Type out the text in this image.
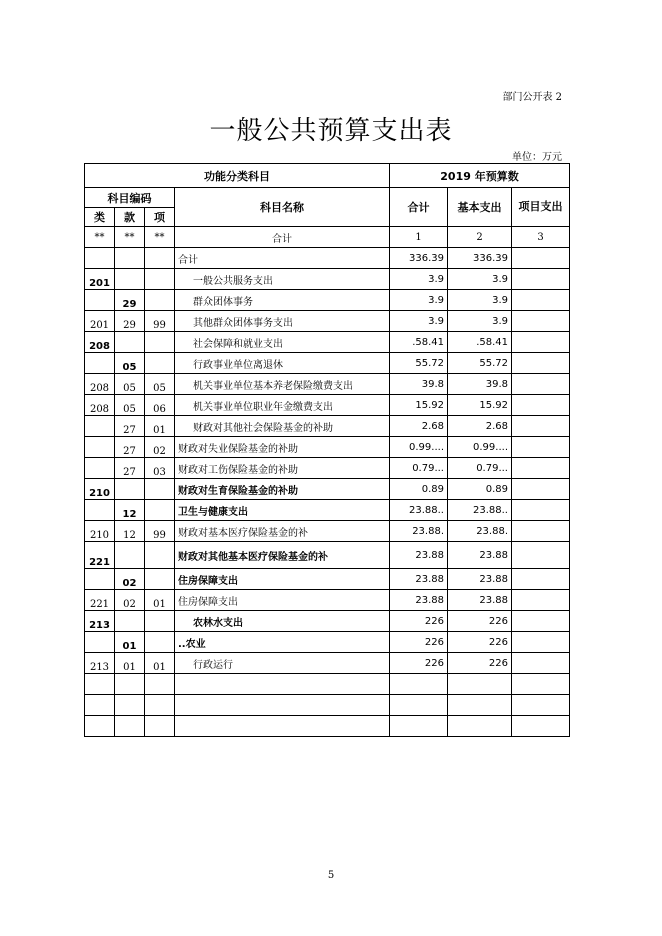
部门公开表 2
一般公共预算支出表
单位：万元
功能分类科目				2019 年预算数		
科目编码			科目名称	合计	基本支出	项目支出
类	款	项				
**	**	**	合计	1	2	3
			合计	336.39	336.39	
201			一般公共服务支出	3.9	3.9	
	29		群众团体事务	3.9	3.9	
201	29	99	其他群众团体事务支出	3.9	3.9	
208			社会保障和就业支出	.58.41	.58.41	
	05		行政事业单位离退休	55.72	55.72	
208	05	05	机关事业单位基本养老保险缴费支出	39.8	39.8	
208	05	06	机关事业单位职业年金缴费支出	15.92	15.92	
	27	01	财政对其他社会保险基金的补助	2.68	2.68	
	27	02	财政对失业保险基金的补助	0.99....	0.99....	
	27	03	财政对工伤保险基金的补助	0.79...	0.79...	
210			财政对生育保险基金的补助	0.89	0.89	
	12		卫生与健康支出	23.88..	23.88..	
210	12	99	财政对基本医疗保险基金的补	23.88.	23.88.	
221			财政对其他基本医疗保险基金的补	23.88	23.88	
	02		住房保障支出	23.88	23.88	
221	02	01	住房保障支出	23.88	23.88	
213			农林水支出	226	226	
	01		..农业	226	226	
213	01	01	行政运行	226	226	

5
